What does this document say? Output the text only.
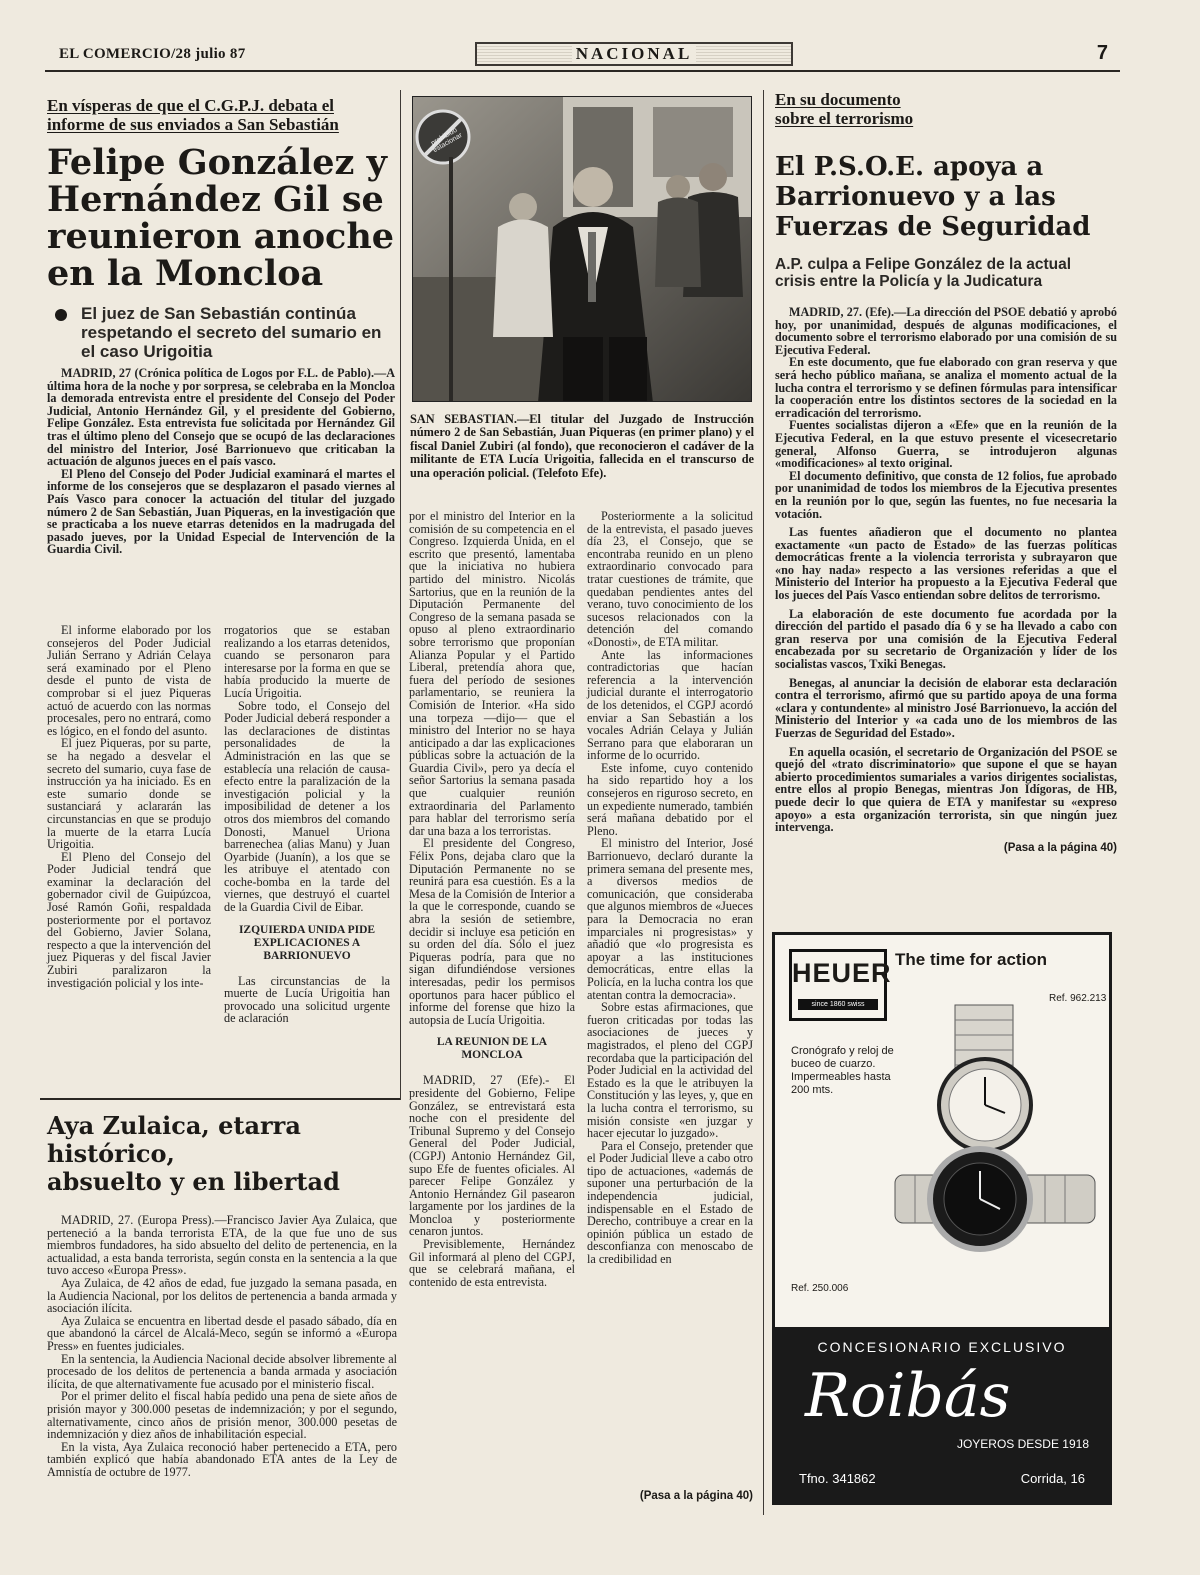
EL COMERCIO/28 julio 87	NACIONAL	7
En vísperas de que el C.G.P.J. debata el
informe de sus enviados a San Sebastián
Felipe González y
Hernández Gil se
reunieron anoche
en la Moncloa
El juez de San Sebastián continúa respetando el secreto del sumario en el caso Urigoitia

MADRID, 27 (Crónica política de Logos por F.L. de Pablo).—A última hora de la noche y por sorpresa, se celebraba en la Moncloa la demorada entrevista entre el presidente del Consejo del Poder Judicial, Antonio Hernández Gil, y el presidente del Gobierno, Felipe González. Esta entrevista fue solicitada por Hernández Gil tras el último pleno del Consejo que se ocupó de las declaraciones del ministro del Interior, José Barrionuevo que criticaban la actuación de algunos jueces en el país vasco.

El Pleno del Consejo del Poder Judicial examinará el martes el informe de los consejeros que se desplazaron el pasado viernes al País Vasco para conocer la actuación del titular del juzgado número 2 de San Sebastián, Juan Piqueras, en la investigación que se practicaba a los nueve etarras detenidos en la madrugada del pasado jueves, por la Unidad Especial de Intervención de la Guardia Civil.

El informe elaborado por los consejeros del Poder Judicial Julián Serrano y Adrián Celaya será examinado por el Pleno desde el punto de vista de comprobar si el juez Piqueras actuó de acuerdo con las normas procesales, pero no entrará, como es lógico, en el fondo del asunto.

El juez Piqueras, por su parte, se ha negado a desvelar el secreto del sumario, cuya fase de instrucción ya ha iniciado. Es en este sumario donde se sustanciará y aclararán las circunstancias en que se produjo la muerte de la etarra Lucía Urigoitia.

El Pleno del Consejo del Poder Judicial tendrá que examinar la declaración del gobernador civil de Guipúzcoa, José Ramón Goñi, respaldada posteriormente por el portavoz del Gobierno, Javier Solana, respecto a que la intervención del juez Piqueras y del fiscal Javier Zubiri paralizaron la investigación policial y los inte-

rrogatorios que se estaban realizando a los etarras detenidos, cuando se personaron para interesarse por la forma en que se había producido la muerte de Lucía Urigoitia.

Sobre todo, el Consejo del Poder Judicial deberá responder a las declaraciones de distintas personalidades de la Administración en las que se establecía una relación de causa-efecto entre la paralización de la investigación policial y la imposibilidad de detener a los otros dos miembros del comando Donosti, Manuel Uriona barrenechea (alias Manu) y Juan Oyarbide (Juanín), a los que se les atribuye el atentado con coche-bomba en la tarde del viernes, que destruyó el cuartel de la Guardia Civil de Eibar.

IZQUIERDA UNIDA PIDE EXPLICACIONES A BARRIONUEVO

Las circunstancias de la muerte de Lucía Urigoitia han provocado una solicitud urgente de aclaración

prohibido estacionar
SAN SEBASTIAN.—El titular del Juzgado de Instrucción número 2 de San Sebastián, Juan Piqueras (en primer plano) y el fiscal Daniel Zubiri (al fondo), que reconocieron el cadáver de la militante de ETA Lucía Urigoitia, fallecida en el transcurso de una operación policial. (Telefoto Efe).

por el ministro del Interior en la comisión de su competencia en el Congreso. Izquierda Unida, en el escrito que presentó, lamentaba que la iniciativa no hubiera partido del ministro. Nicolás Sartorius, que en la reunión de la Diputación Permanente del Congreso de la semana pasada se opuso al pleno extraordinario sobre terrorismo que proponían Alianza Popular y el Partido Liberal, pretendía ahora que, fuera del período de sesiones parlamentario, se reuniera la Comisión de Interior. «Ha sido una torpeza —dijo— que el ministro del Interior no se haya anticipado a dar las explicaciones públicas sobre la actuación de la Guardia Civil», pero ya decía el señor Sartorius la semana pasada que cualquier reunión extraordinaria del Parlamento para hablar del terrorismo sería dar una baza a los terroristas.

El presidente del Congreso, Félix Pons, dejaba claro que la Diputación Permanente no se reunirá para esa cuestión. Es a la Mesa de la Comisión de Interior a la que le corresponde, cuando se abra la sesión de setiembre, decidir si incluye esa petición en su orden del día. Sólo el juez Piqueras podría, para que no sigan difundiéndose versiones interesadas, pedir los permisos oportunos para hacer público el informe del forense que hizo la autopsia de Lucía Urigoitia.

LA REUNION DE LA MONCLOA

MADRID, 27 (Efe).- El presidente del Gobierno, Felipe González, se entrevistará esta noche con el presidente del Tribunal Supremo y del Consejo General del Poder Judicial, (CGPJ) Antonio Hernández Gil, supo Efe de fuentes oficiales. Al parecer Felipe González y Antonio Hernández Gil pasearon largamente por los jardines de la Moncloa y posteriormente cenaron juntos.

Previsiblemente, Hernández Gil informará al pleno del CGPJ, que se celebrará mañana, el contenido de esta entrevista.

Posteriormente a la solicitud de la entrevista, el pasado jueves día 23, el Consejo, que se encontraba reunido en un pleno extraordinario convocado para tratar cuestiones de trámite, que quedaban pendientes antes del verano, tuvo conocimiento de los sucesos relacionados con la detención del comando «Donosti», de ETA militar.

Ante las informaciones contradictorias que hacían referencia a la intervención judicial durante el interrogatorio de los detenidos, el CGPJ acordó enviar a San Sebastián a los vocales Adrián Celaya y Julián Serrano para que elaboraran un informe de lo ocurrido.

Este infome, cuyo contenido ha sido repartido hoy a los consejeros en riguroso secreto, en un expediente numerado, también será mañana debatido por el Pleno.

El ministro del Interior, José Barrionuevo, declaró durante la primera semana del presente mes, a diversos medios de comunicación, que consideraba que algunos miembros de «Jueces para la Democracia no eran imparciales ni progresistas» y añadió que «lo progresista es apoyar a las instituciones democráticas, entre ellas la Policía, en la lucha contra los que atentan contra la democracia».

Sobre estas afirmaciones, que fueron criticadas por todas las asociaciones de jueces y magistrados, el pleno del CGPJ recordaba que la participación del Poder Judicial en la actividad del Estado es la que le atribuyen la Constitución y las leyes, y, que en la lucha contra el terrorismo, su misión consiste «en juzgar y hacer ejecutar lo juzgado».

Para el Consejo, pretender que el Poder Judicial lleve a cabo otro tipo de actuaciones, «además de suponer una perturbación de la independencia judicial, indispensable en el Estado de Derecho, contribuye a crear en la opinión pública un estado de desconfianza con menoscabo de la credibilidad en

(Pasa a la página 40)
Aya Zulaica, etarra histórico,
absuelto y en libertad

MADRID, 27. (Europa Press).—Francisco Javier Aya Zulaica, que perteneció a la banda terrorista ETA, de la que fue uno de sus miembros fundadores, ha sido absuelto del delito de pertenencia, en la actualidad, a esta banda terrorista, según consta en la sentencia a la que tuvo acceso «Europa Press».

Aya Zulaica, de 42 años de edad, fue juzgado la semana pasada, en la Audiencia Nacional, por los delitos de pertenencia a banda armada y asociación ilícita.

Aya Zulaica se encuentra en libertad desde el pasado sábado, día en que abandonó la cárcel de Alcalá-Meco, según se informó a «Europa Press» en fuentes judiciales.

En la sentencia, la Audiencia Nacional decide absolver libremente al procesado de los delitos de pertenencia a banda armada y asociación ilícita, de que alternativamente fue acusado por el ministerio fiscal.

Por el primer delito el fiscal había pedido una pena de siete años de prisión mayor y 300.000 pesetas de indemnización; y por el segundo, alternativamente, cinco años de prisión menor, 300.000 pesetas de indemnización y diez años de inhabilitación especial.

En la vista, Aya Zulaica reconoció haber pertenecido a ETA, pero también explicó que había abandonado ETA antes de la Ley de Amnistía de octubre de 1977.

En su documento
sobre el terrorismo
El P.S.O.E. apoya a
Barrionuevo y a las
Fuerzas de Seguridad
A.P. culpa a Felipe González de la actual
crisis entre la Policía y la Judicatura

MADRID, 27. (Efe).—La dirección del PSOE debatió y aprobó hoy, por unanimidad, después de algunas modificaciones, el documento sobre el terrorismo elaborado por una comisión de su Ejecutiva Federal.

En este documento, que fue elaborado con gran reserva y que será hecho público mañana, se analiza el momento actual de la lucha contra el terrorismo y se definen fórmulas para intensificar la cooperación entre los distintos sectores de la sociedad en la erradicación del terrorismo.

Fuentes socialistas dijeron a «Efe» que en la reunión de la Ejecutiva Federal, en la que estuvo presente el vicesecretario general, Alfonso Guerra, se introdujeron algunas «modificaciones» al texto original.

El documento definitivo, que consta de 12 folios, fue aprobado por unanimidad de todos los miembros de la Ejecutiva presentes en la reunión por lo que, según las fuentes, no fue necesaria la votación.

Las fuentes añadieron que el documento no plantea exactamente «un pacto de Estado» de las fuerzas políticas democráticas frente a la violencia terrorista y subrayaron que «no hay nada» respecto a las versiones referidas a que el Ministerio del Interior ha propuesto a la Ejecutiva Federal que los jueces del País Vasco entiendan sobre delitos de terrorismo.

La elaboración de este documento fue acordada por la dirección del partido el pasado día 6 y se ha llevado a cabo con gran reserva por una comisión de la Ejecutiva Federal encabezada por su secretario de Organización y líder de los socialistas vascos, Txiki Benegas.

Benegas, al anunciar la decisión de elaborar esta declaración contra el terrorismo, afirmó que su partido apoya de una forma «clara y contundente» al ministro José Barrionuevo, la acción del Ministerio del Interior y «a cada uno de los miembros de las Fuerzas de Seguridad del Estado».

En aquella ocasión, el secretario de Organización del PSOE se quejó del «trato discriminatorio» que supone el que se hayan abierto procedimientos sumariales a varios dirigentes socialistas, entre ellos al propio Benegas, mientras Jon Idígoras, de HB, puede decir lo que quiera de ETA y manifestar su «expreso apoyo» a esta organización terrorista, sin que ningún juez intervenga.

(Pasa a la página 40)
HEUER
since 1860 swiss
The time for action
Ref. 962.213
Cronógrafo y reloj de buceo de cuarzo. Impermeables hasta 200 mts.
Ref. 250.006
CONCESIONARIO EXCLUSIVO
Roibás
JOYEROS DESDE 1918
Tfno. 341862	Corrida, 16
